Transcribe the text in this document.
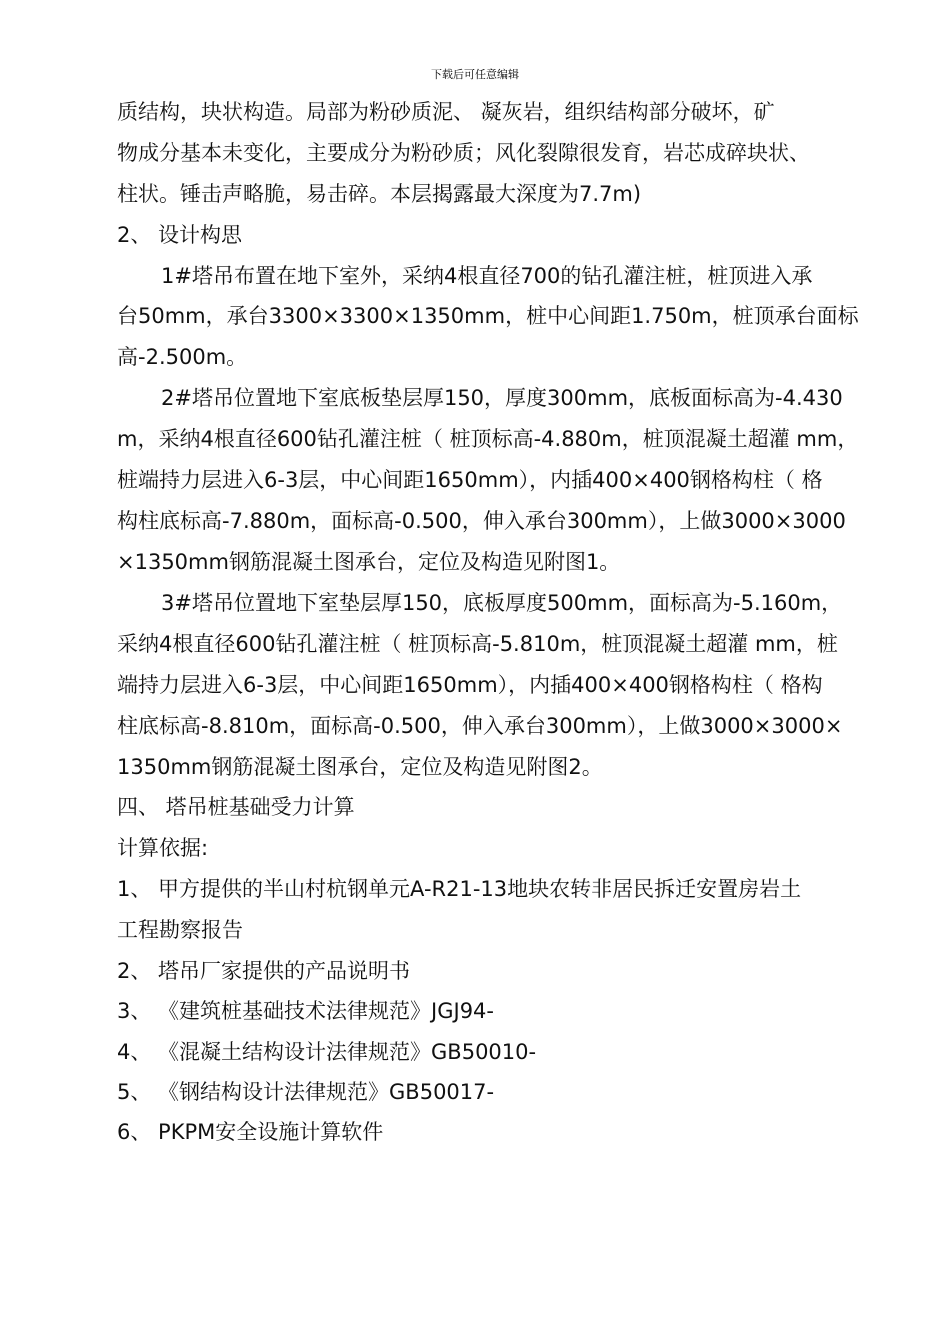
下载后可任意编辑
质结构，块状构造。局部为粉砂质泥、 凝灰岩，组织结构部分破坏，矿
物成分基本未变化，主要成分为粉砂质；风化裂隙很发育，岩芯成碎块状、
柱状。锤击声略脆，易击碎。本层揭露最大深度为7.7m)
2、 设计构思
1#塔吊布置在地下室外，采纳4根直径700的钻孔灌注桩，桩顶进入承
台50mm，承台3300×3300×1350mm，桩中心间距1.750m，桩顶承台面标
高-2.500m。
2#塔吊位置地下室底板垫层厚150，厚度300mm，底板面标高为-4.430
m，采纳4根直径600钻孔灌注桩（ 桩顶标高-4.880m，桩顶混凝土超灌 mm，
桩端持力层进入6-3层，中心间距1650mm），内插400×400钢格构柱（ 格
构柱底标高-7.880m，面标高-0.500，伸入承台300mm），上做3000×3000
×1350mm钢筋混凝土图承台，定位及构造见附图1。
3#塔吊位置地下室垫层厚150，底板厚度500mm，面标高为-5.160m，
采纳4根直径600钻孔灌注桩（ 桩顶标高-5.810m，桩顶混凝土超灌 mm，桩
端持力层进入6-3层，中心间距1650mm），内插400×400钢格构柱（ 格构
柱底标高-8.810m，面标高-0.500，伸入承台300mm），上做3000×3000×
1350mm钢筋混凝土图承台，定位及构造见附图2。
四、 塔吊桩基础受力计算
计算依据:
1、 甲方提供的半山村杭钢单元A-R21-13地块农转非居民拆迁安置房岩土
工程勘察报告
2、 塔吊厂家提供的产品说明书
3、 《建筑桩基础技术法律规范》JGJ94-
4、 《混凝土结构设计法律规范》GB50010-
5、 《钢结构设计法律规范》GB50017-
6、 PKPM安全设施计算软件
